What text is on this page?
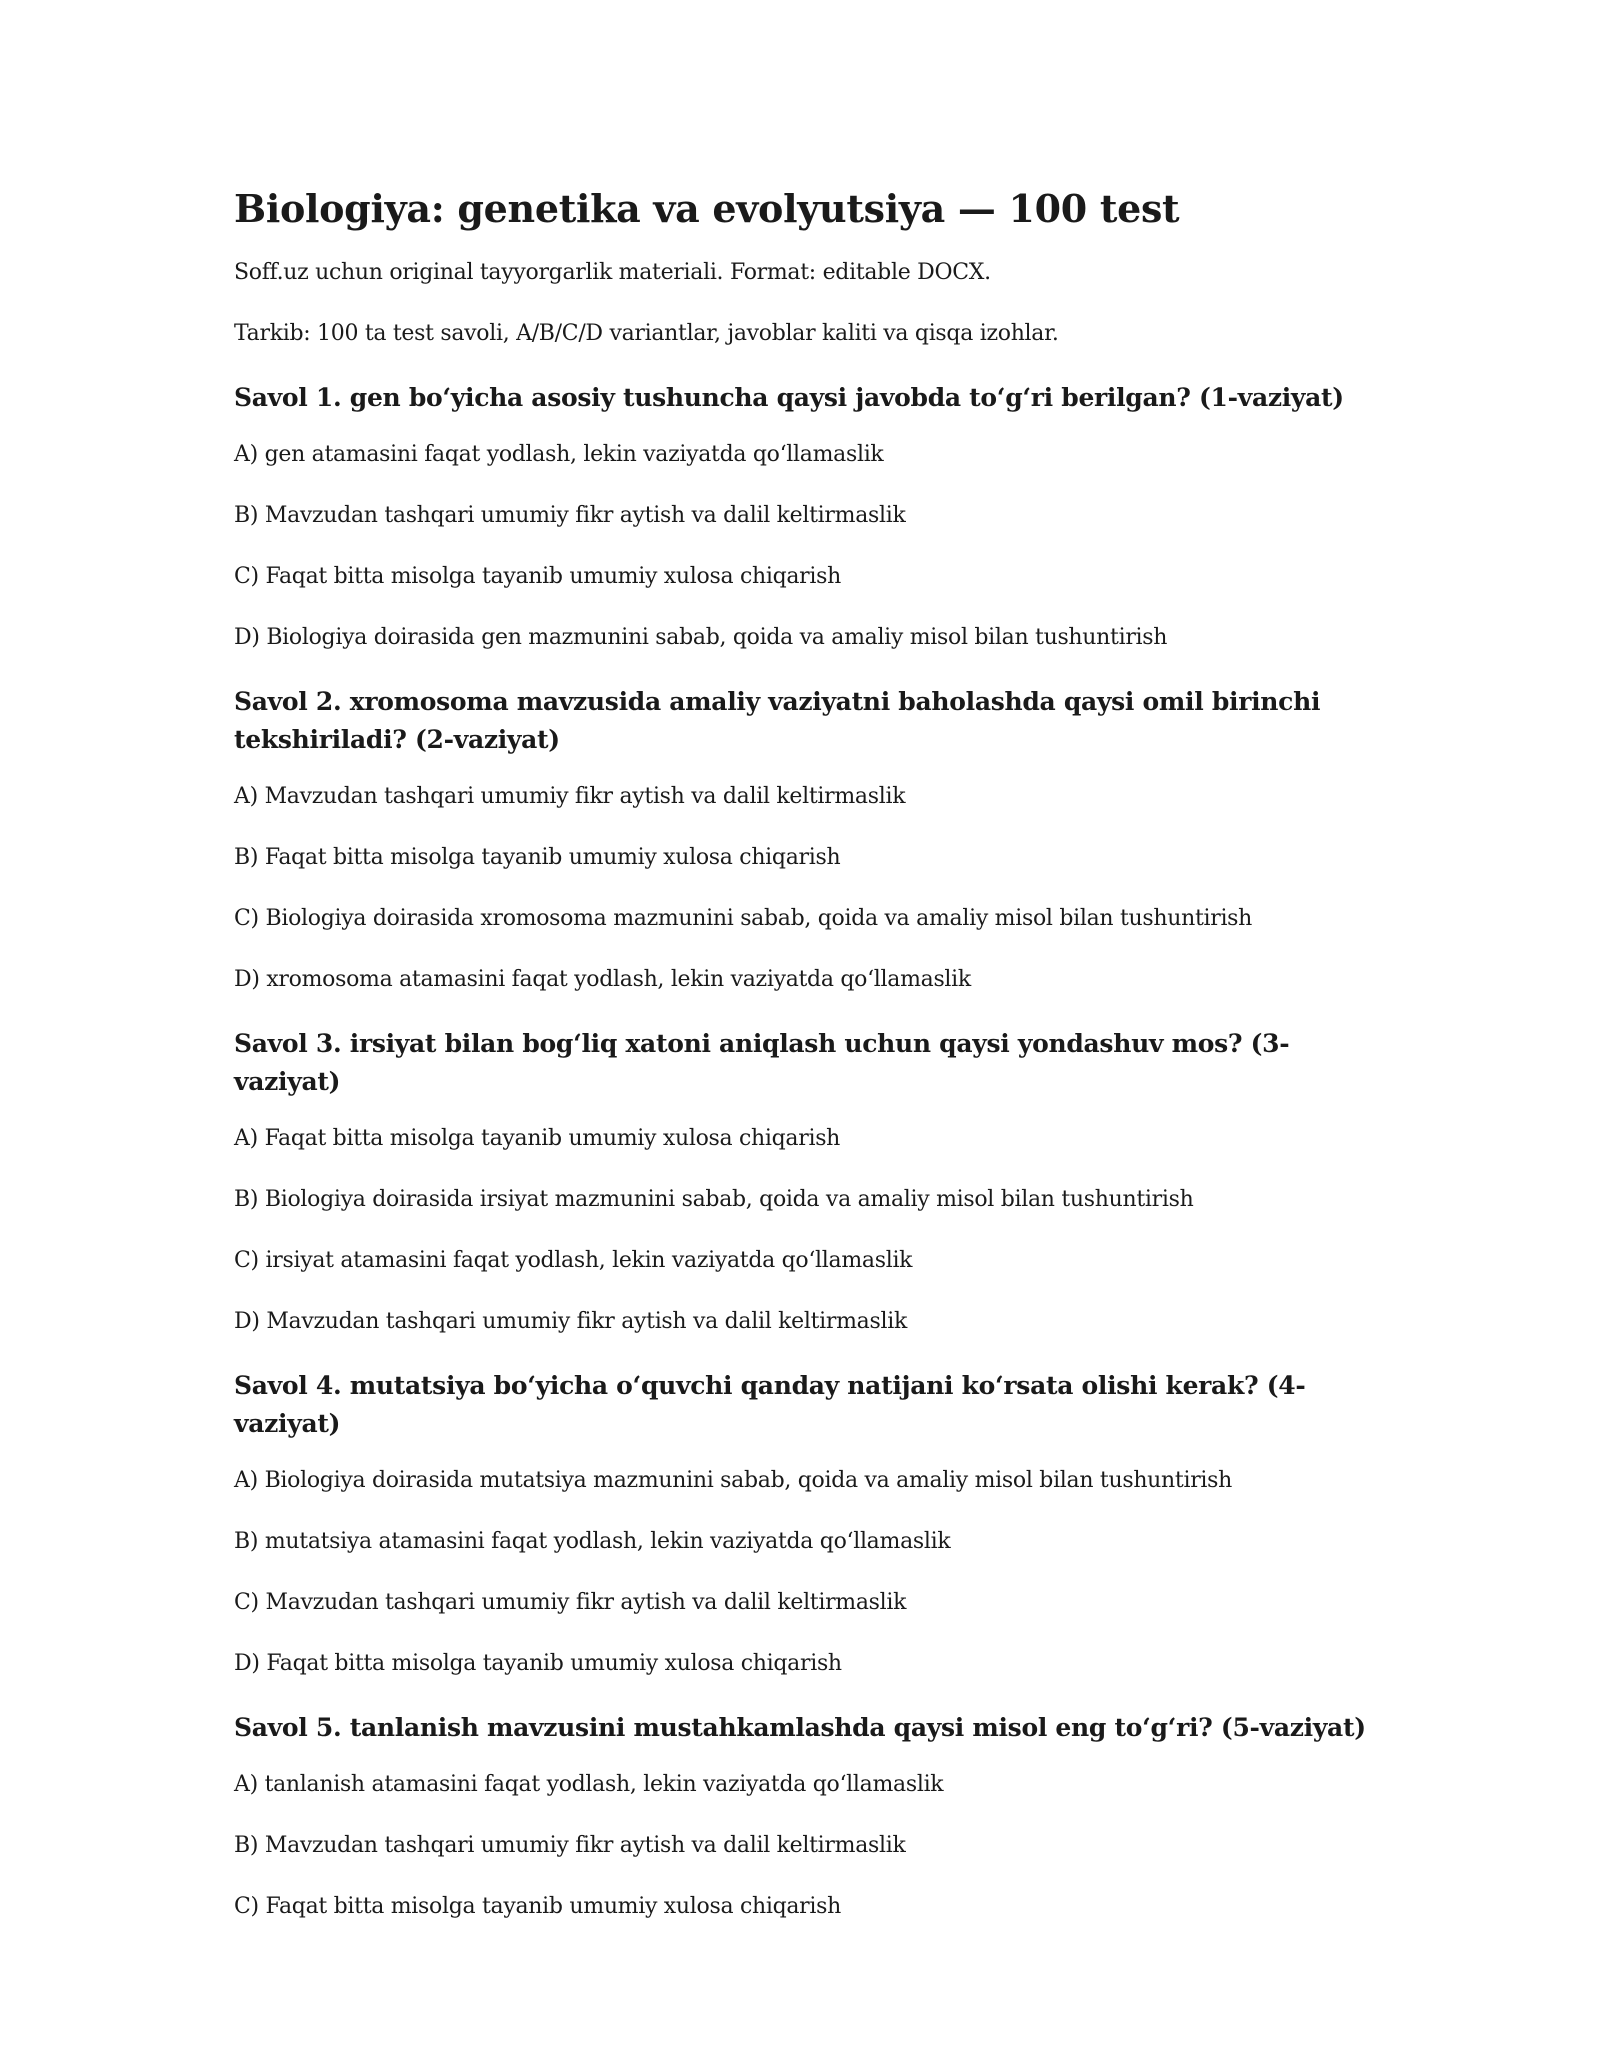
Biologiya: genetika va evolyutsiya — 100 test

Soff.uz uchun original tayyorgarlik materiali. Format: editable DOCX.

Tarkib: 100 ta test savoli, A/B/C/D variantlar, javoblar kaliti va qisqa izohlar.

Savol 1. gen bo‘yicha asosiy tushuncha qaysi javobda to‘g‘ri berilgan? (1-vaziyat)

A) gen atamasini faqat yodlash, lekin vaziyatda qo‘llamaslik

B) Mavzudan tashqari umumiy fikr aytish va dalil keltirmaslik

C) Faqat bitta misolga tayanib umumiy xulosa chiqarish

D) Biologiya doirasida gen mazmunini sabab, qoida va amaliy misol bilan tushuntirish

Savol 2. xromosoma mavzusida amaliy vaziyatni baholashda qaysi omil birinchi tekshiriladi? (2-vaziyat)

A) Mavzudan tashqari umumiy fikr aytish va dalil keltirmaslik

B) Faqat bitta misolga tayanib umumiy xulosa chiqarish

C) Biologiya doirasida xromosoma mazmunini sabab, qoida va amaliy misol bilan tushuntirish

D) xromosoma atamasini faqat yodlash, lekin vaziyatda qo‘llamaslik

Savol 3. irsiyat bilan bog‘liq xatoni aniqlash uchun qaysi yondashuv mos? (3-vaziyat)

A) Faqat bitta misolga tayanib umumiy xulosa chiqarish

B) Biologiya doirasida irsiyat mazmunini sabab, qoida va amaliy misol bilan tushuntirish

C) irsiyat atamasini faqat yodlash, lekin vaziyatda qo‘llamaslik

D) Mavzudan tashqari umumiy fikr aytish va dalil keltirmaslik

Savol 4. mutatsiya bo‘yicha o‘quvchi qanday natijani ko‘rsata olishi kerak? (4-vaziyat)

A) Biologiya doirasida mutatsiya mazmunini sabab, qoida va amaliy misol bilan tushuntirish

B) mutatsiya atamasini faqat yodlash, lekin vaziyatda qo‘llamaslik

C) Mavzudan tashqari umumiy fikr aytish va dalil keltirmaslik

D) Faqat bitta misolga tayanib umumiy xulosa chiqarish

Savol 5. tanlanish mavzusini mustahkamlashda qaysi misol eng to‘g‘ri? (5-vaziyat)

A) tanlanish atamasini faqat yodlash, lekin vaziyatda qo‘llamaslik

B) Mavzudan tashqari umumiy fikr aytish va dalil keltirmaslik

C) Faqat bitta misolga tayanib umumiy xulosa chiqarish
